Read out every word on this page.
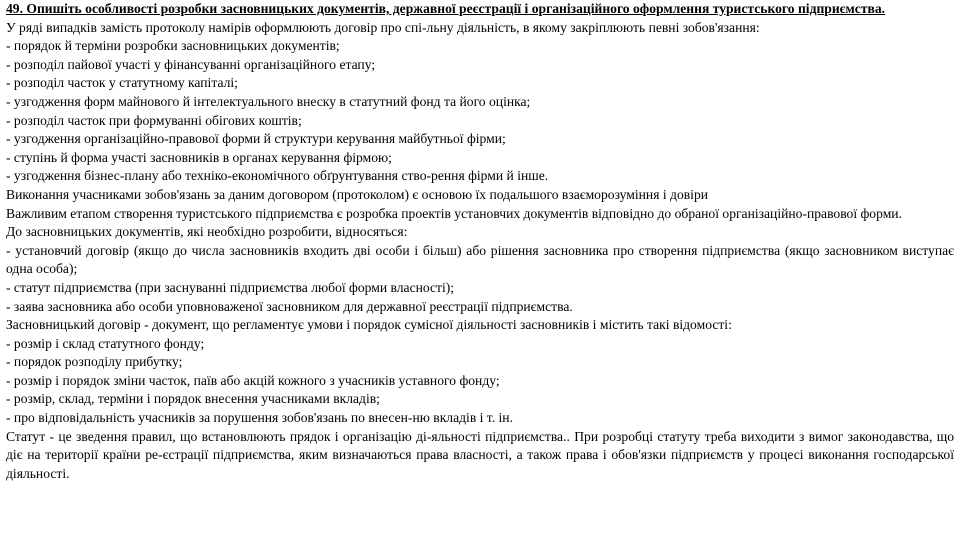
49. Опишіть особливості розробки засновницьких документів, державної реєстрації і організаційного оформлення туристського підприємства.
У ряді випадків замість протоколу намірів оформлюють договір про спі-льну діяльність, в якому закріплюють певні зобов'язання:
- порядок й терміни розробки засновницьких документів;
- розподіл пайової участі у фінансуванні організаційного етапу;
- розподіл часток у статутному капіталі;
- узгодження форм майнового й інтелектуального внеску в статутний фонд та його оцінка;
- розподіл часток при формуванні обігових коштів;
- узгодження організаційно-правової форми й структури керування майбутньої фірми;
- ступінь й форма участі засновників в органах керування фірмою;
- узгодження бізнес-плану або техніко-економічного обґрунтування ство-рення фірми й інше.
Виконання учасниками зобов'язань за даним договором (протоколом) є основою їх подальшого взаєморозуміння і довіри
Важливим етапом створення туристського підприємства є розробка проектів установчих документів відповідно до обраної організаційно-правової форми.
До засновницьких документів, які необхідно розробити, відносяться:
- установчий договір (якщо до числа засновників входить дві особи і більш) або рішення засновника про створення підприємства (якщо засновником виступає одна особа);
- статут підприємства (при заснуванні підприємства любої форми власності);
- заява засновника або особи уповноваженої засновником для державної реєстрації підприємства.
Засновницький договір - документ, що регламентує умови і порядок сумісної діяльності засновників і містить такі відомості:
- розмір і склад статутного фонду;
- порядок розподілу прибутку;
- розмір і порядок зміни часток, паїв або акцій кожного з учасників уставного фонду;
- розмір, склад, терміни і порядок внесення учасниками вкладів;
- про відповідальність учасників за порушення зобов'язань по внесен-ню вкладів і т. ін.
Статут - це зведення правил, що встановлюють прядок і організацію ді-яльності підприємства.. При розробці статуту треба виходити з вимог законодавства, що діє на території країни ре-єстрації підприємства, яким визначаються права власності, а також права і обов'язки підприємств у процесі виконання господарської діяльності.
